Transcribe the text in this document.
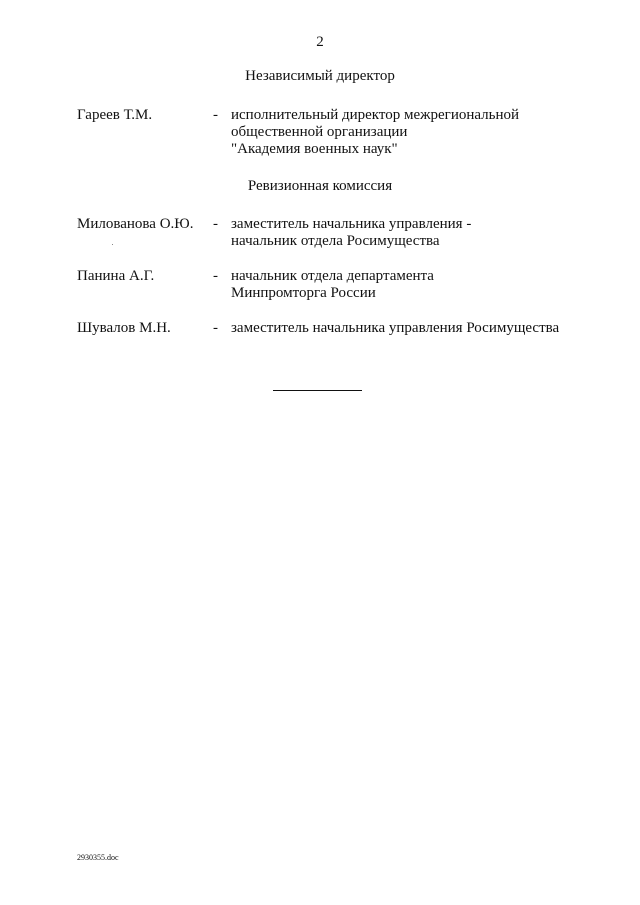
2
Независимый директор
Гареев Т.М.	- исполнительный директор межрегиональной
общественной организации
"Академия военных наук"
Ревизионная комиссия
Милованова О.Ю. - заместитель начальника управления -
начальник отдела Росимущества
Панина А.Г.	- начальник отдела департамента
Минпромторга России
Шувалов М.Н.	- заместитель начальника управления Росимущества
2930355.doc
